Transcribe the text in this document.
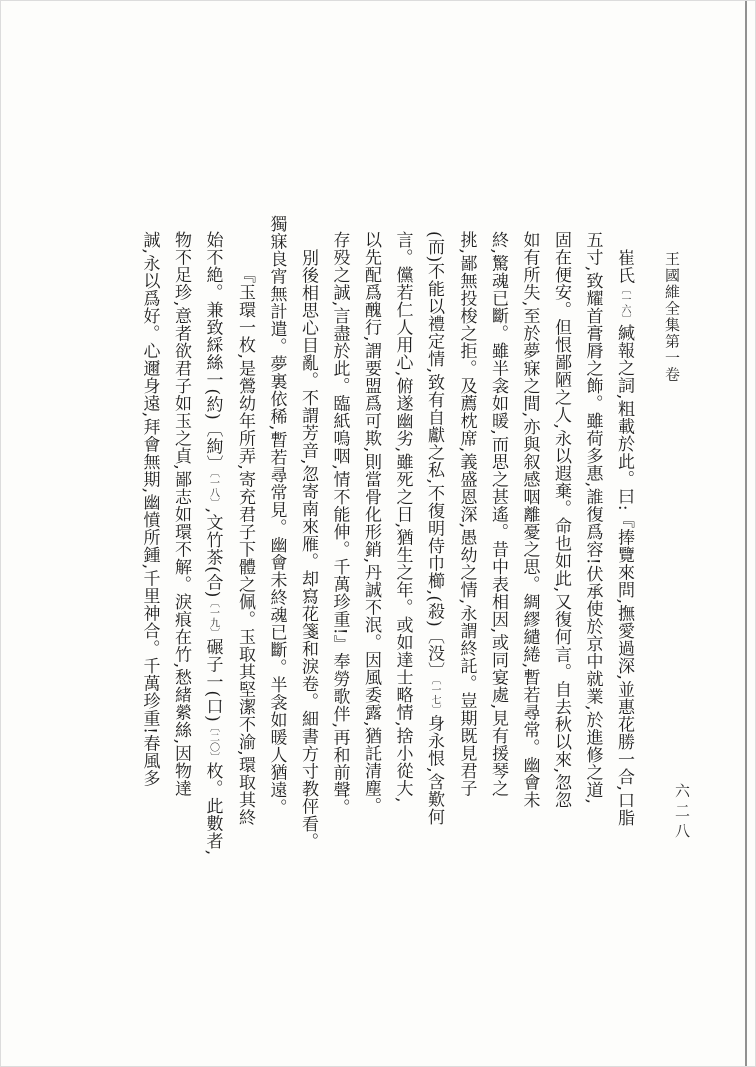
王國維全集第一卷
六二八
崔氏〔一六〕緘報之詞,粗載於此。曰:『捧覽來問,撫愛過深,並惠花勝一合,口脂
五寸,致耀首膏脣之飾。雖荷多惠,誰復爲容!伏承使於京中就業,於進修之道,
固在便安。但恨鄙陋之人,永以遐棄。命也如此,又復何言。自去秋以來,忽忽
如有所失,至於夢寐之間,亦與叙感咽離憂之思。綢繆繾綣,暫若尋常。幽會未
終,驚魂已斷。雖半衾如暖,而思之甚遙。昔中表相因,或同宴處,見有援琴之
挑,鄙無投梭之拒。及薦枕席,義盛恩深,愚幼之情,永謂終託。豈期既見君子
(而)不能以禮定情,致有自獻之私,不復明侍巾櫛,(殺)〔没〕〔一七〕身永恨,含歎何
言。儻若仁人用心,俯遂幽劣,雖死之日,猶生之年。或如達士略情,捨小從大,
以先配爲醜行,謂要盟爲可欺,則當骨化形銷,丹誠不泯。因風委露,猶託清塵。
存殁之誠,言盡於此。臨紙嗚咽,情不能伸。千萬珍重!』奉勞歌伴,再和前聲。
別後相思心目亂。不謂芳音,忽寄南來雁。却寫花箋和淚卷。細書方寸教伻看。
獨寐良宵無計遣。夢裏依稀,暫若尋常見。幽會未終魂已斷。半衾如暖人猶遠。
『玉環一枚,是鶯幼年所弄,寄充君子下體之佩。玉取其堅潔不渝,環取其終
始不絶。兼致綵絲一(約)〔絇〕〔一八〕,文竹茶(合)〔一九〕碾子一(口)〔二〇〕枚。此數者,
物不足珍,意者欲君子如玉之貞,鄙志如環不解。淚痕在竹,愁緒縈絲,因物達
誠,永以爲好。心邇身遠,拜會無期,幽憤所鍾,千里神合。千萬珍重!春風多
